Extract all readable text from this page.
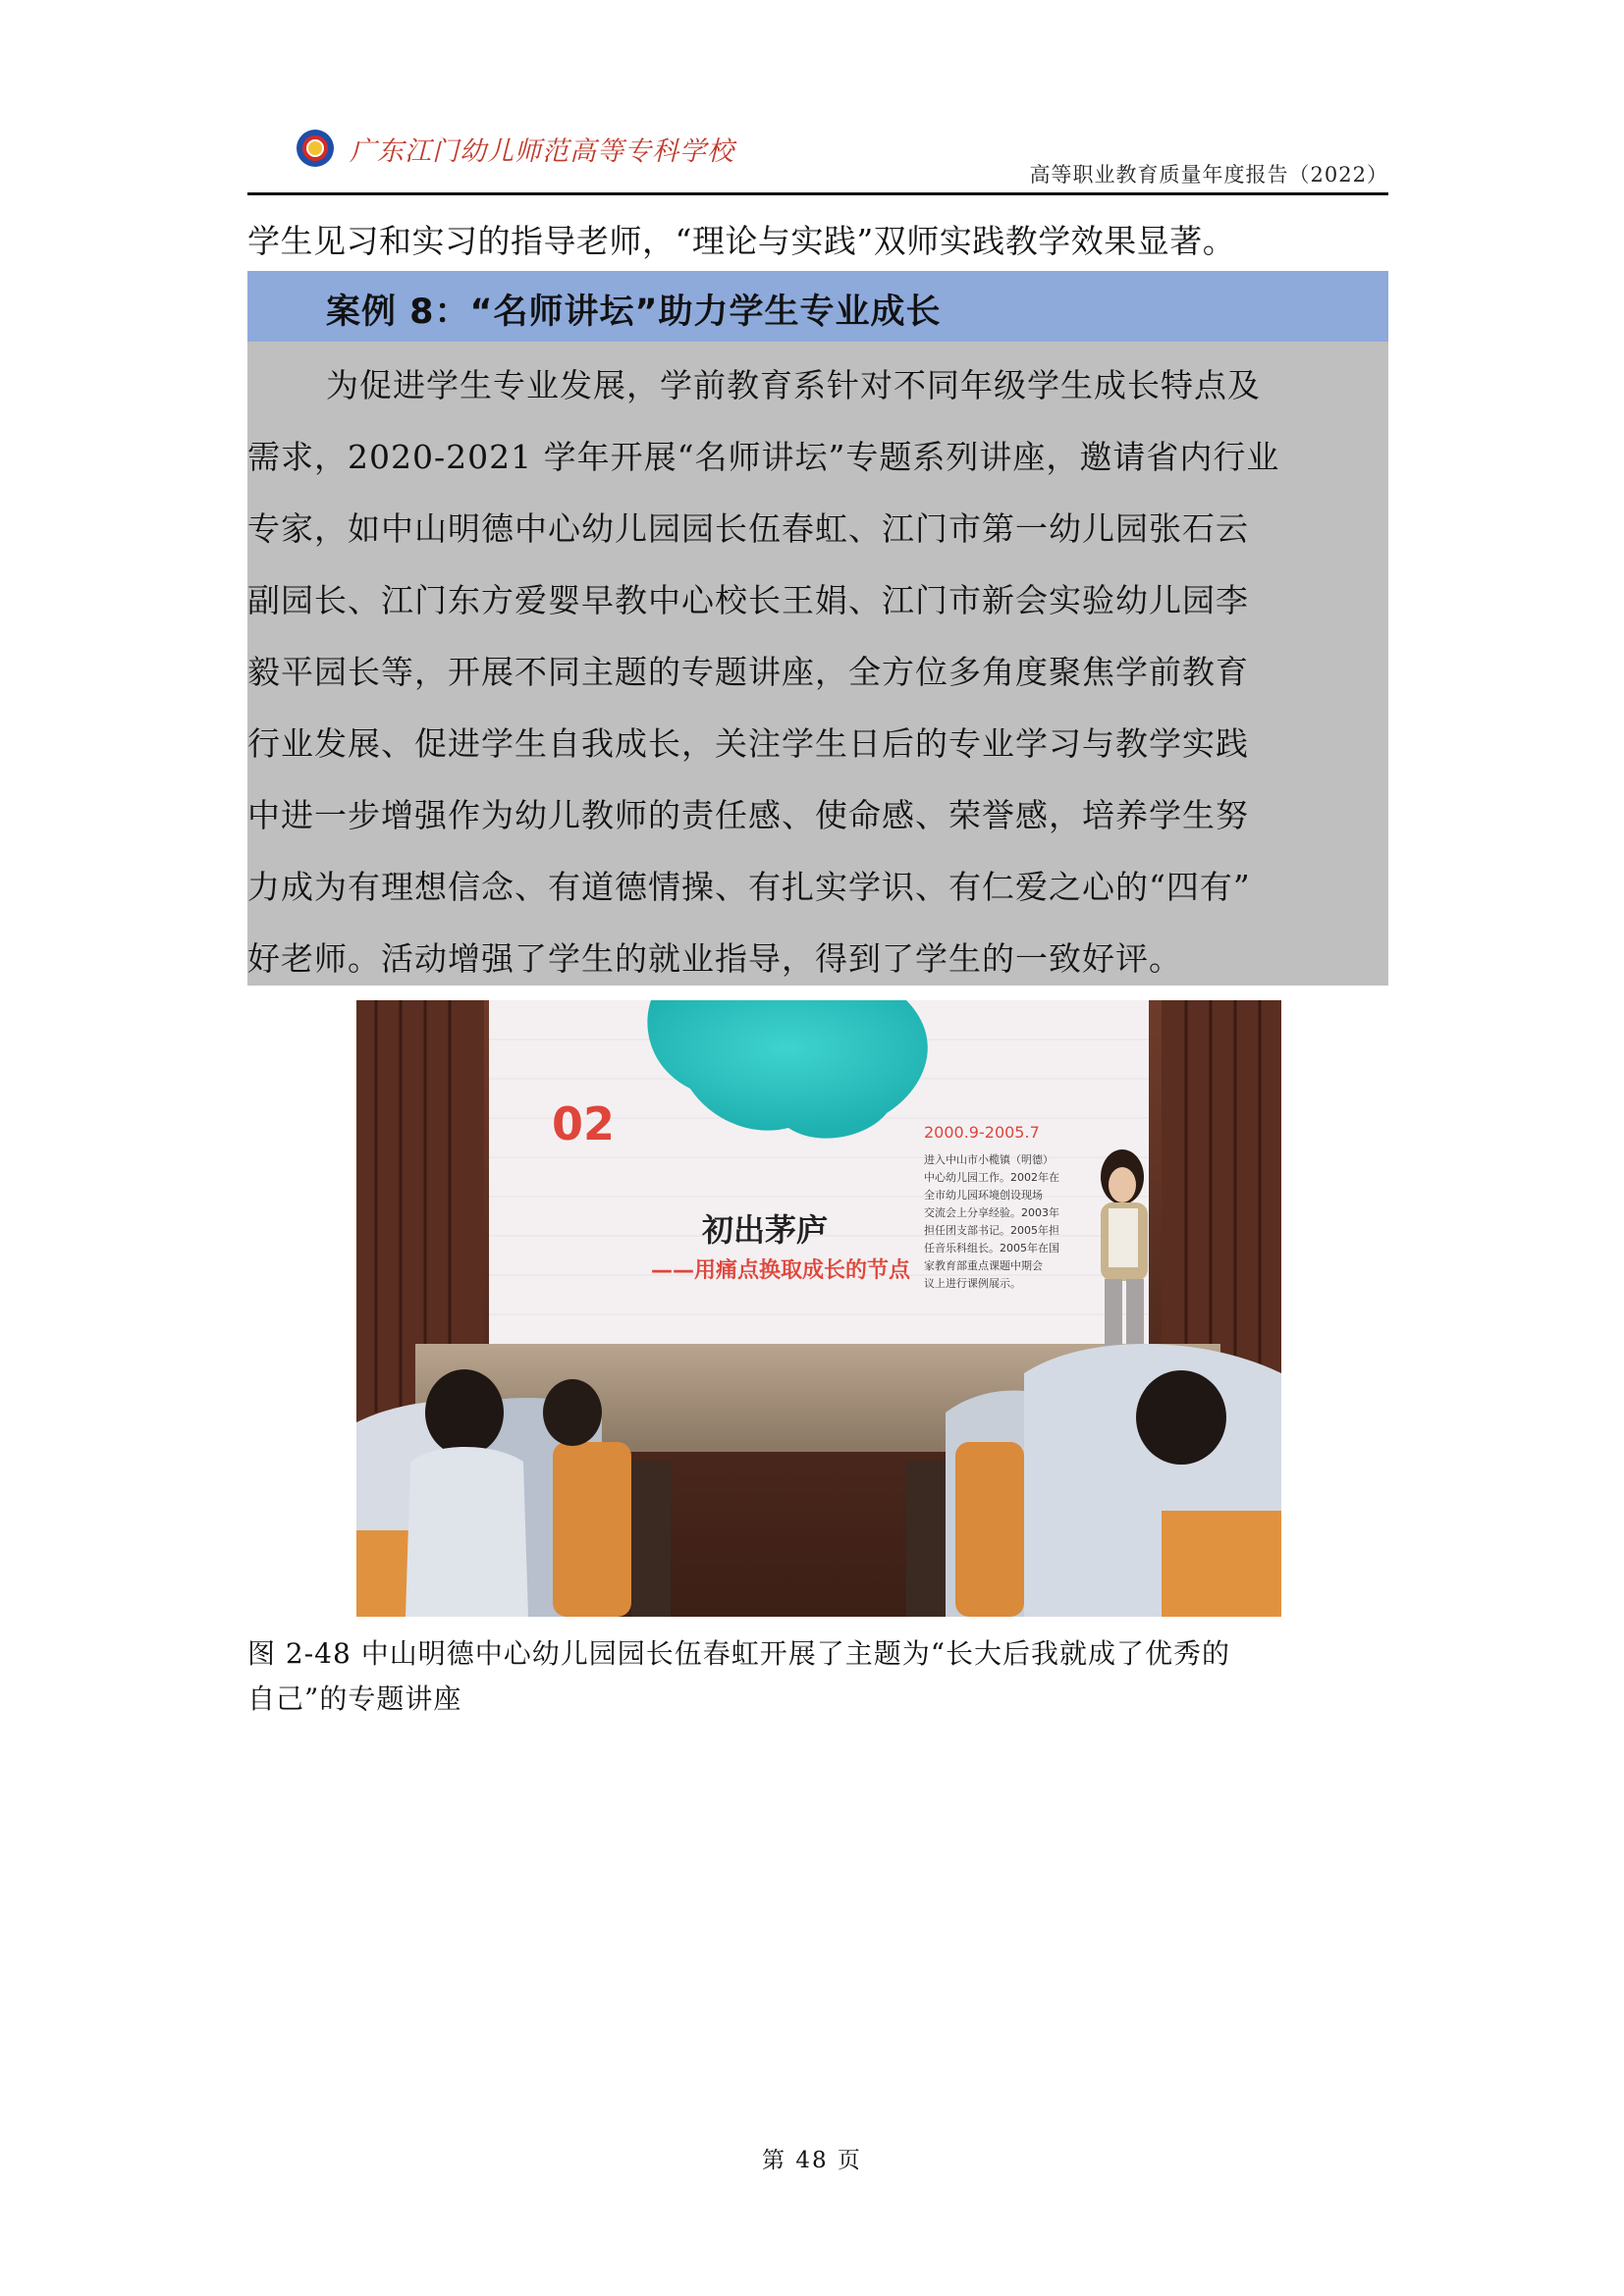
广东江门幼儿师范高等专科学校
高等职业教育质量年度报告（2022）
学生见习和实习的指导老师，“理论与实践”双师实践教学效果显著。
案例 8：“名师讲坛”助力学生专业成长
为促进学生专业发展，学前教育系针对不同年级学生成长特点及
需求，2020-2021 学年开展“名师讲坛”专题系列讲座，邀请省内行业
专家，如中山明德中心幼儿园园长伍春虹、江门市第一幼儿园张石云
副园长、江门东方爱婴早教中心校长王娟、江门市新会实验幼儿园李
毅平园长等，开展不同主题的专题讲座，全方位多角度聚焦学前教育
行业发展、促进学生自我成长，关注学生日后的专业学习与教学实践
中进一步增强作为幼儿教师的责任感、使命感、荣誉感，培养学生努
力成为有理想信念、有道德情操、有扎实学识、有仁爱之心的“四有”
好老师。活动增强了学生的就业指导，得到了学生的一致好评。
02
初出茅庐
——用痛点换取成长的节点
2000.9-2005.7
进入中山市小榄镇（明德）
中心幼儿园工作。2002年在
全市幼儿园环境创设现场
交流会上分享经验。2003年
担任团支部书记。2005年担
任音乐科组长。2005年在国
家教育部重点课题中期会
议上进行课例展示。
图 2-48 中山明德中心幼儿园园长伍春虹开展了主题为“长大后我就成了优秀的
自己”的专题讲座
第 48 页
